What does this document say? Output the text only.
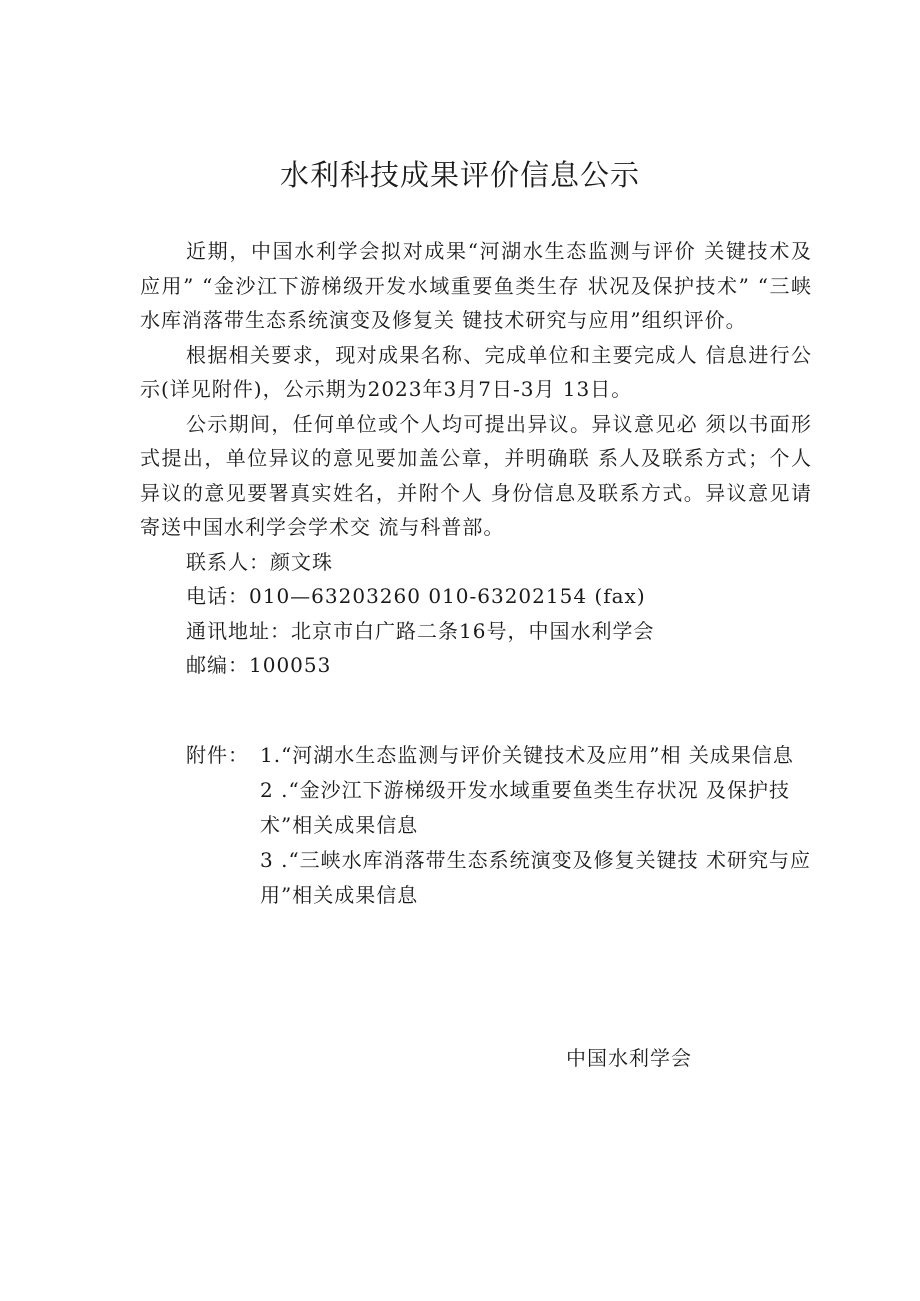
水利科技成果评价信息公示

近期，中国水利学会拟对成果“河湖水生态监测与评价 关键技术及应用” “金沙江下游梯级开发水域重要鱼类生存 状况及保护技术” “三峡水库消落带生态系统演变及修复关 键技术研究与应用”组织评价。

根据相关要求，现对成果名称、完成单位和主要完成人 信息进行公示(详见附件)，公示期为2023年3月7日-3月 13日。

公示期间，任何单位或个人均可提出异议。异议意见必 须以书面形式提出，单位异议的意见要加盖公章，并明确联 系人及联系方式；个人异议的意见要署真实姓名，并附个人 身份信息及联系方式。异议意见请寄送中国水利学会学术交 流与科普部。

联系人：颜文珠

电话：010—63203260 010-63202154 (fax)

通讯地址：北京市白广路二条16号，中国水利学会

邮编：100053

附件： 1.“河湖水生态监测与评价关键技术及应用”相 关成果信息

2 .“金沙江下游梯级开发水域重要鱼类生存状况 及保护技术”相关成果信息

3 .“三峡水库消落带生态系统演变及修复关键技 术研究与应用”相关成果信息

中国水利学会
